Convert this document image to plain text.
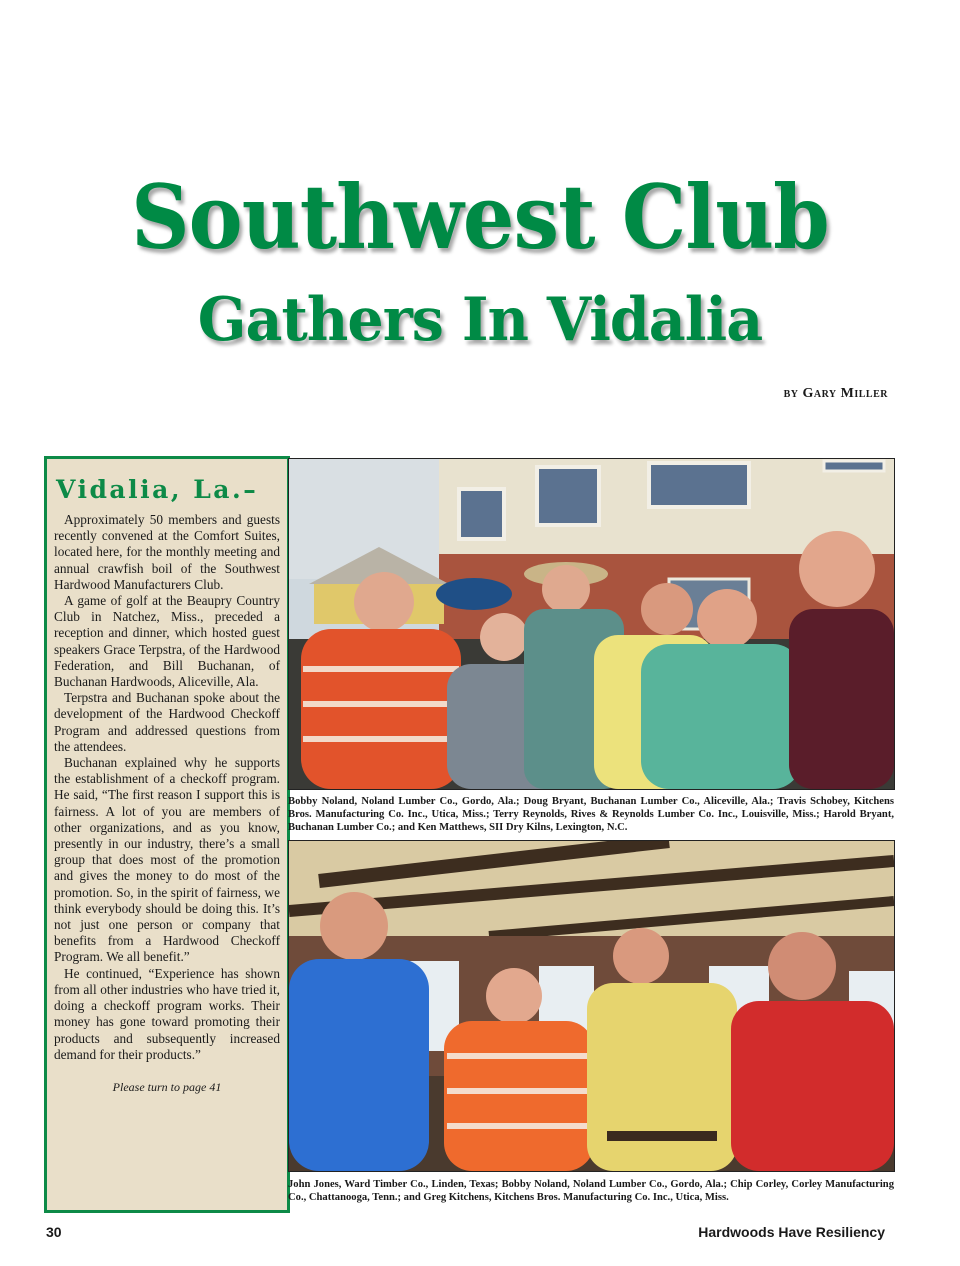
Southwest Club
Gathers In Vidalia
by Gary Miller
Vidalia, La.–

Approximately 50 members and guests recently convened at the Comfort Suites, located here, for the monthly meeting and annual crawfish boil of the Southwest Hardwood Manufacturers Club.

A game of golf at the Beaupry Country Club in Natchez, Miss., preceded a reception and dinner, which hosted guest speakers Grace Terpstra, of the Hardwood Federation, and Bill Buchanan, of Buchanan Hardwoods, Aliceville, Ala.

Terpstra and Buchanan spoke about the development of the Hardwood Checkoff Program and addressed questions from the attendees.

Buchanan explained why he supports the establishment of a checkoff program. He said, “The first reason I support this is fairness. A lot of you are members of other organizations, and as you know, presently in our industry, there’s a small group that does most of the promotion and gives the money to do most of the promotion. So, in the spirit of fairness, we think everybody should be doing this. It’s not just one person or company that benefits from a Hardwood Checkoff Program. We all benefit.”

He continued, “Experience has shown from all other industries who have tried it, doing a checkoff program works. Their money has gone toward promoting their products and subsequently increased demand for their products.”

Please turn to page 41

Bobby Noland, Noland Lumber Co., Gordo, Ala.; Doug Bryant, Buchanan Lumber Co., Aliceville, Ala.; Travis Schobey, Kitchens Bros. Manufacturing Co. Inc., Utica, Miss.; Terry Reynolds, Rives & Reynolds Lumber Co. Inc., Louisville, Miss.; Harold Bryant, Buchanan Lumber Co.; and Ken Matthews, SII Dry Kilns, Lexington, N.C.

John Jones, Ward Timber Co., Linden, Texas; Bobby Noland, Noland Lumber Co., Gordo, Ala.; Chip Corley, Corley Manufacturing Co., Chattanooga, Tenn.; and Greg Kitchens, Kitchens Bros. Manufacturing Co. Inc., Utica, Miss.

30	Hardwoods Have Resiliency
